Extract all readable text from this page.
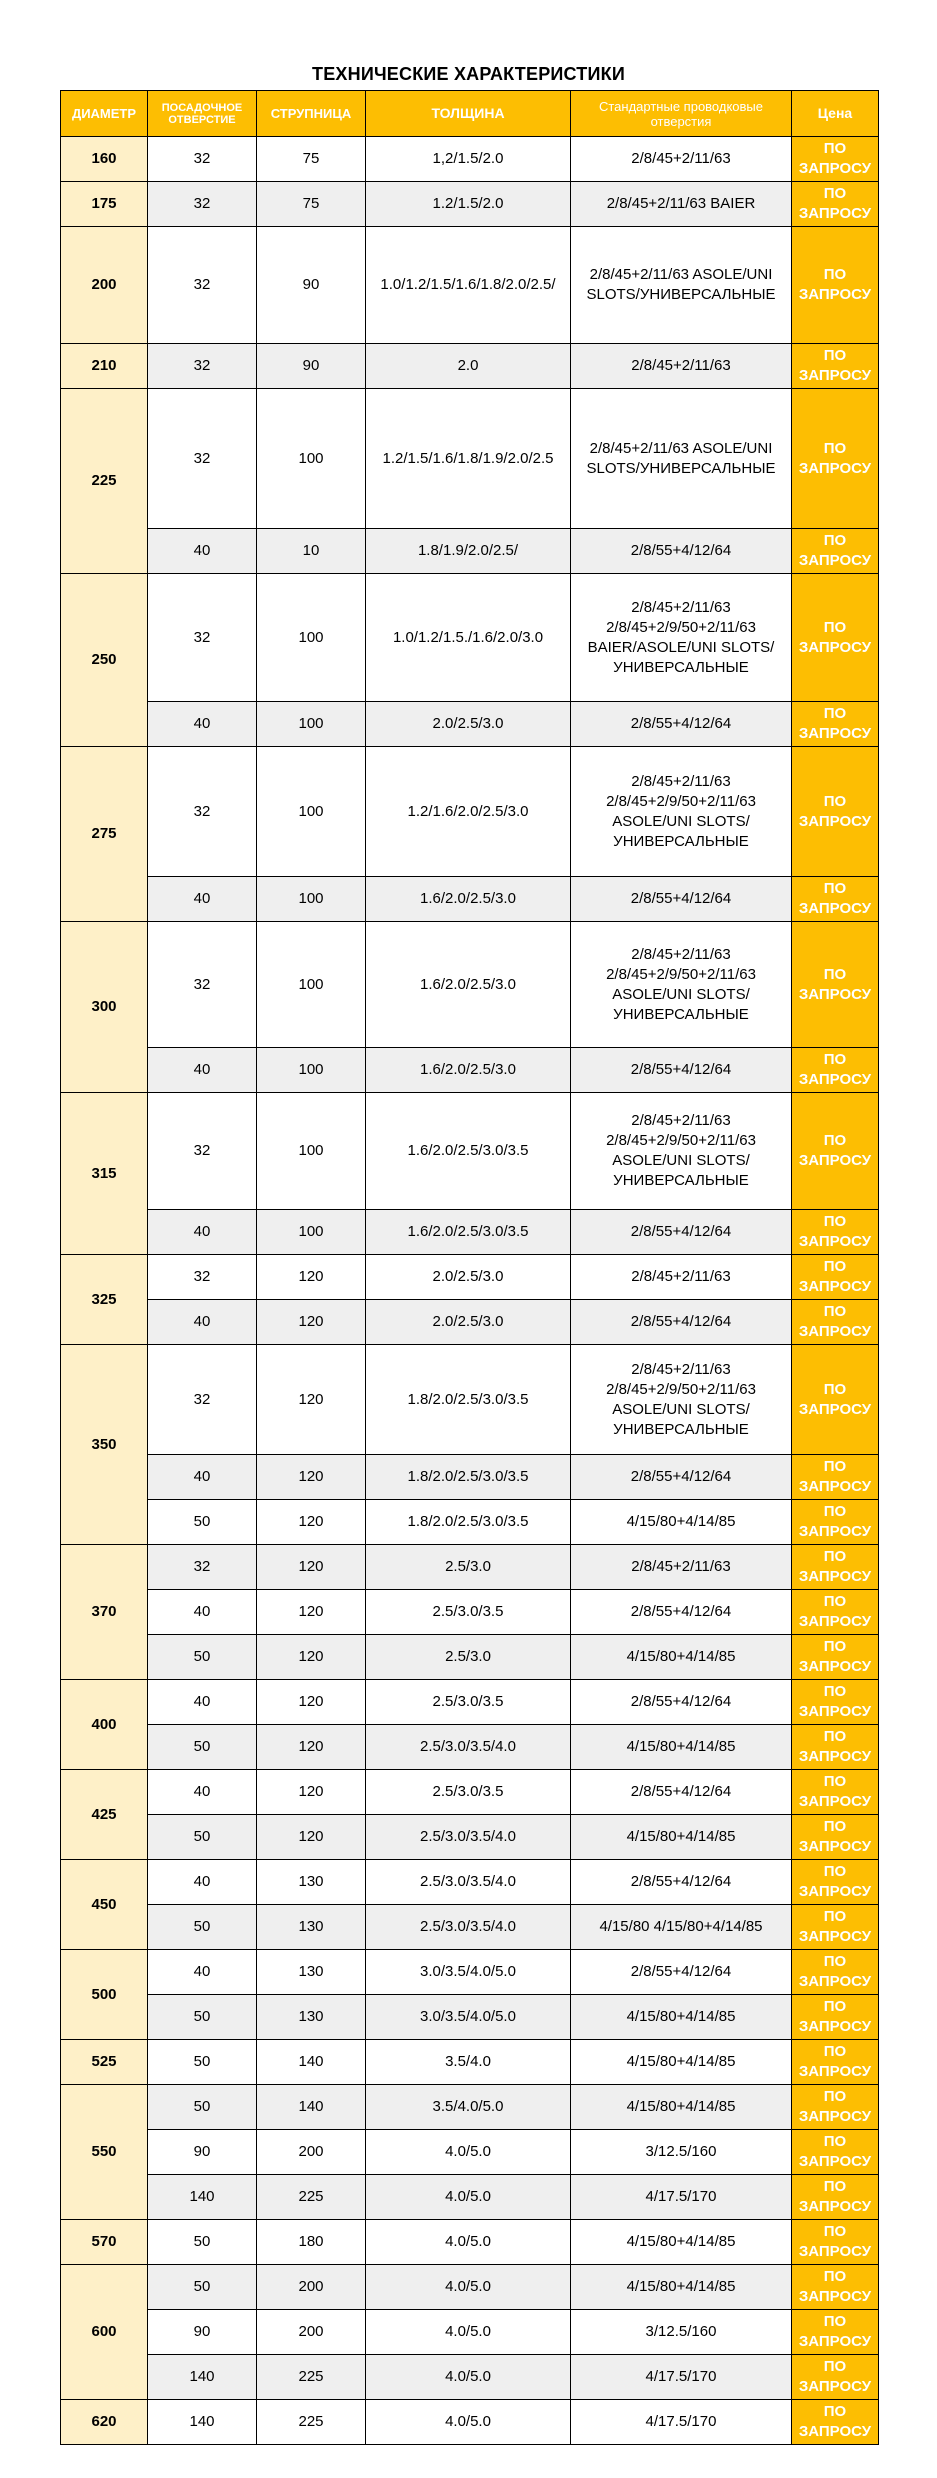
ТЕХНИЧЕСКИЕ ХАРАКТЕРИСТИКИ
ДИАМЕТР	ПОСАДОЧНОЕ ОТВЕРСТИЕ	СТРУПНИЦА	ТОЛЩИНА	Стандартные проводковые отверстия	Цена
160	32	75	1,2/1.5/2.0	2/8/45+2/11/63	ПО ЗАПРОСУ
175	32	75	1.2/1.5/2.0	2/8/45+2/11/63 BAIER	ПО ЗАПРОСУ
200	32	90	1.0/1.2/1.5/1.6/1.8/2.0/2.5/	2/8/45+2/11/63 ASOLE/UNI SLOTS/УНИВЕРСАЛЬНЫЕ	ПО ЗАПРОСУ
210	32	90	2.0	2/8/45+2/11/63	ПО ЗАПРОСУ
225	32	100	1.2/1.5/1.6/1.8/1.9/2.0/2.5	2/8/45+2/11/63 ASOLE/UNI SLOTS/УНИВЕРСАЛЬНЫЕ	ПО ЗАПРОСУ
	40	10	1.8/1.9/2.0/2.5/	2/8/55+4/12/64	ПО ЗАПРОСУ
250	32	100	1.0/1.2/1.5./1.6/2.0/3.0	2/8/45+2/11/63 2/8/45+2/9/50+2/11/63 BAIER/ASOLE/UNI SLOTS/УНИВЕРСАЛЬНЫЕ	ПО ЗАПРОСУ
	40	100	2.0/2.5/3.0	2/8/55+4/12/64	ПО ЗАПРОСУ
275	32	100	1.2/1.6/2.0/2.5/3.0	2/8/45+2/11/63 2/8/45+2/9/50+2/11/63 ASOLE/UNI SLOTS/УНИВЕРСАЛЬНЫЕ	ПО ЗАПРОСУ
	40	100	1.6/2.0/2.5/3.0	2/8/55+4/12/64	ПО ЗАПРОСУ
300	32	100	1.6/2.0/2.5/3.0	2/8/45+2/11/63 2/8/45+2/9/50+2/11/63 ASOLE/UNI SLOTS/УНИВЕРСАЛЬНЫЕ	ПО ЗАПРОСУ
	40	100	1.6/2.0/2.5/3.0	2/8/55+4/12/64	ПО ЗАПРОСУ
315	32	100	1.6/2.0/2.5/3.0/3.5	2/8/45+2/11/63 2/8/45+2/9/50+2/11/63 ASOLE/UNI SLOTS/УНИВЕРСАЛЬНЫЕ	ПО ЗАПРОСУ
	40	100	1.6/2.0/2.5/3.0/3.5	2/8/55+4/12/64	ПО ЗАПРОСУ
325	32	120	2.0/2.5/3.0	2/8/45+2/11/63	ПО ЗАПРОСУ
	40	120	2.0/2.5/3.0	2/8/55+4/12/64	ПО ЗАПРОСУ
350	32	120	1.8/2.0/2.5/3.0/3.5	2/8/45+2/11/63 2/8/45+2/9/50+2/11/63 ASOLE/UNI SLOTS/УНИВЕРСАЛЬНЫЕ	ПО ЗАПРОСУ
	40	120	1.8/2.0/2.5/3.0/3.5	2/8/55+4/12/64	ПО ЗАПРОСУ
	50	120	1.8/2.0/2.5/3.0/3.5	4/15/80+4/14/85	ПО ЗАПРОСУ
370	32	120	2.5/3.0	2/8/45+2/11/63	ПО ЗАПРОСУ
	40	120	2.5/3.0/3.5	2/8/55+4/12/64	ПО ЗАПРОСУ
	50	120	2.5/3.0	4/15/80+4/14/85	ПО ЗАПРОСУ
400	40	120	2.5/3.0/3.5	2/8/55+4/12/64	ПО ЗАПРОСУ
	50	120	2.5/3.0/3.5/4.0	4/15/80+4/14/85	ПО ЗАПРОСУ
425	40	120	2.5/3.0/3.5	2/8/55+4/12/64	ПО ЗАПРОСУ
	50	120	2.5/3.0/3.5/4.0	4/15/80+4/14/85	ПО ЗАПРОСУ
450	40	130	2.5/3.0/3.5/4.0	2/8/55+4/12/64	ПО ЗАПРОСУ
	50	130	2.5/3.0/3.5/4.0	4/15/80 4/15/80+4/14/85	ПО ЗАПРОСУ
500	40	130	3.0/3.5/4.0/5.0	2/8/55+4/12/64	ПО ЗАПРОСУ
	50	130	3.0/3.5/4.0/5.0	4/15/80+4/14/85	ПО ЗАПРОСУ
525	50	140	3.5/4.0	4/15/80+4/14/85	ПО ЗАПРОСУ
550	50	140	3.5/4.0/5.0	4/15/80+4/14/85	ПО ЗАПРОСУ
	90	200	4.0/5.0	3/12.5/160	ПО ЗАПРОСУ
	140	225	4.0/5.0	4/17.5/170	ПО ЗАПРОСУ
570	50	180	4.0/5.0	4/15/80+4/14/85	ПО ЗАПРОСУ
600	50	200	4.0/5.0	4/15/80+4/14/85	ПО ЗАПРОСУ
	90	200	4.0/5.0	3/12.5/160	ПО ЗАПРОСУ
	140	225	4.0/5.0	4/17.5/170	ПО ЗАПРОСУ
620	140	225	4.0/5.0	4/17.5/170	ПО ЗАПРОСУ
